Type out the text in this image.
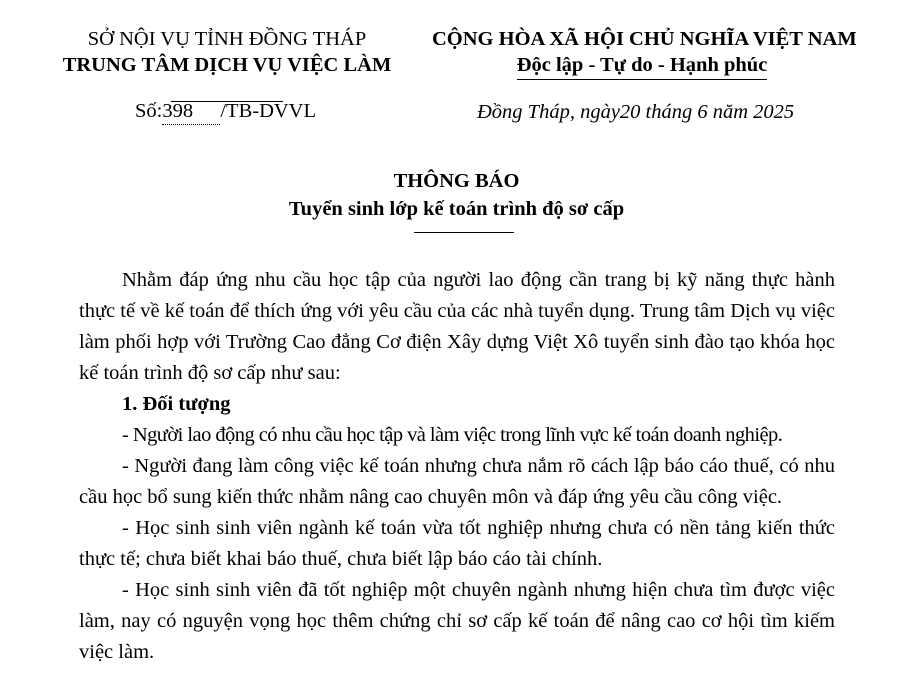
SỞ NỘI VỤ TỈNH ĐỒNG THÁP
TRUNG TÂM DỊCH VỤ VIỆC LÀM
CỘNG HÒA XÃ HỘI CHỦ NGHĨA VIỆT NAM
Độc lập - Tự do - Hạnh phúc
Số:398 /TB-DVVL	Đồng Tháp, ngày20 tháng 6 năm 2025
THÔNG BÁO
Tuyển sinh lớp kế toán trình độ sơ cấp

Nhằm đáp ứng nhu cầu học tập của người lao động cần trang bị kỹ năng thực hành thực tế về kế toán để thích ứng với yêu cầu của các nhà tuyển dụng. Trung tâm Dịch vụ việc làm phối hợp với Trường Cao đẳng Cơ điện Xây dựng Việt Xô tuyển sinh đào tạo khóa học kế toán trình độ sơ cấp như sau:

1. Đối tượng

- Người lao động có nhu cầu học tập và làm việc trong lĩnh vực kế toán doanh nghiệp.

- Người đang làm công việc kế toán nhưng chưa nắm rõ cách lập báo cáo thuế, có nhu cầu học bổ sung kiến thức nhằm nâng cao chuyên môn và đáp ứng yêu cầu công việc.

- Học sinh sinh viên ngành kế toán vừa tốt nghiệp nhưng chưa có nền tảng kiến thức thực tế; chưa biết khai báo thuế, chưa biết lập báo cáo tài chính.

- Học sinh sinh viên đã tốt nghiệp một chuyên ngành nhưng hiện chưa tìm được việc làm, nay có nguyện vọng học thêm chứng chỉ sơ cấp kế toán để nâng cao cơ hội tìm kiếm việc làm.
